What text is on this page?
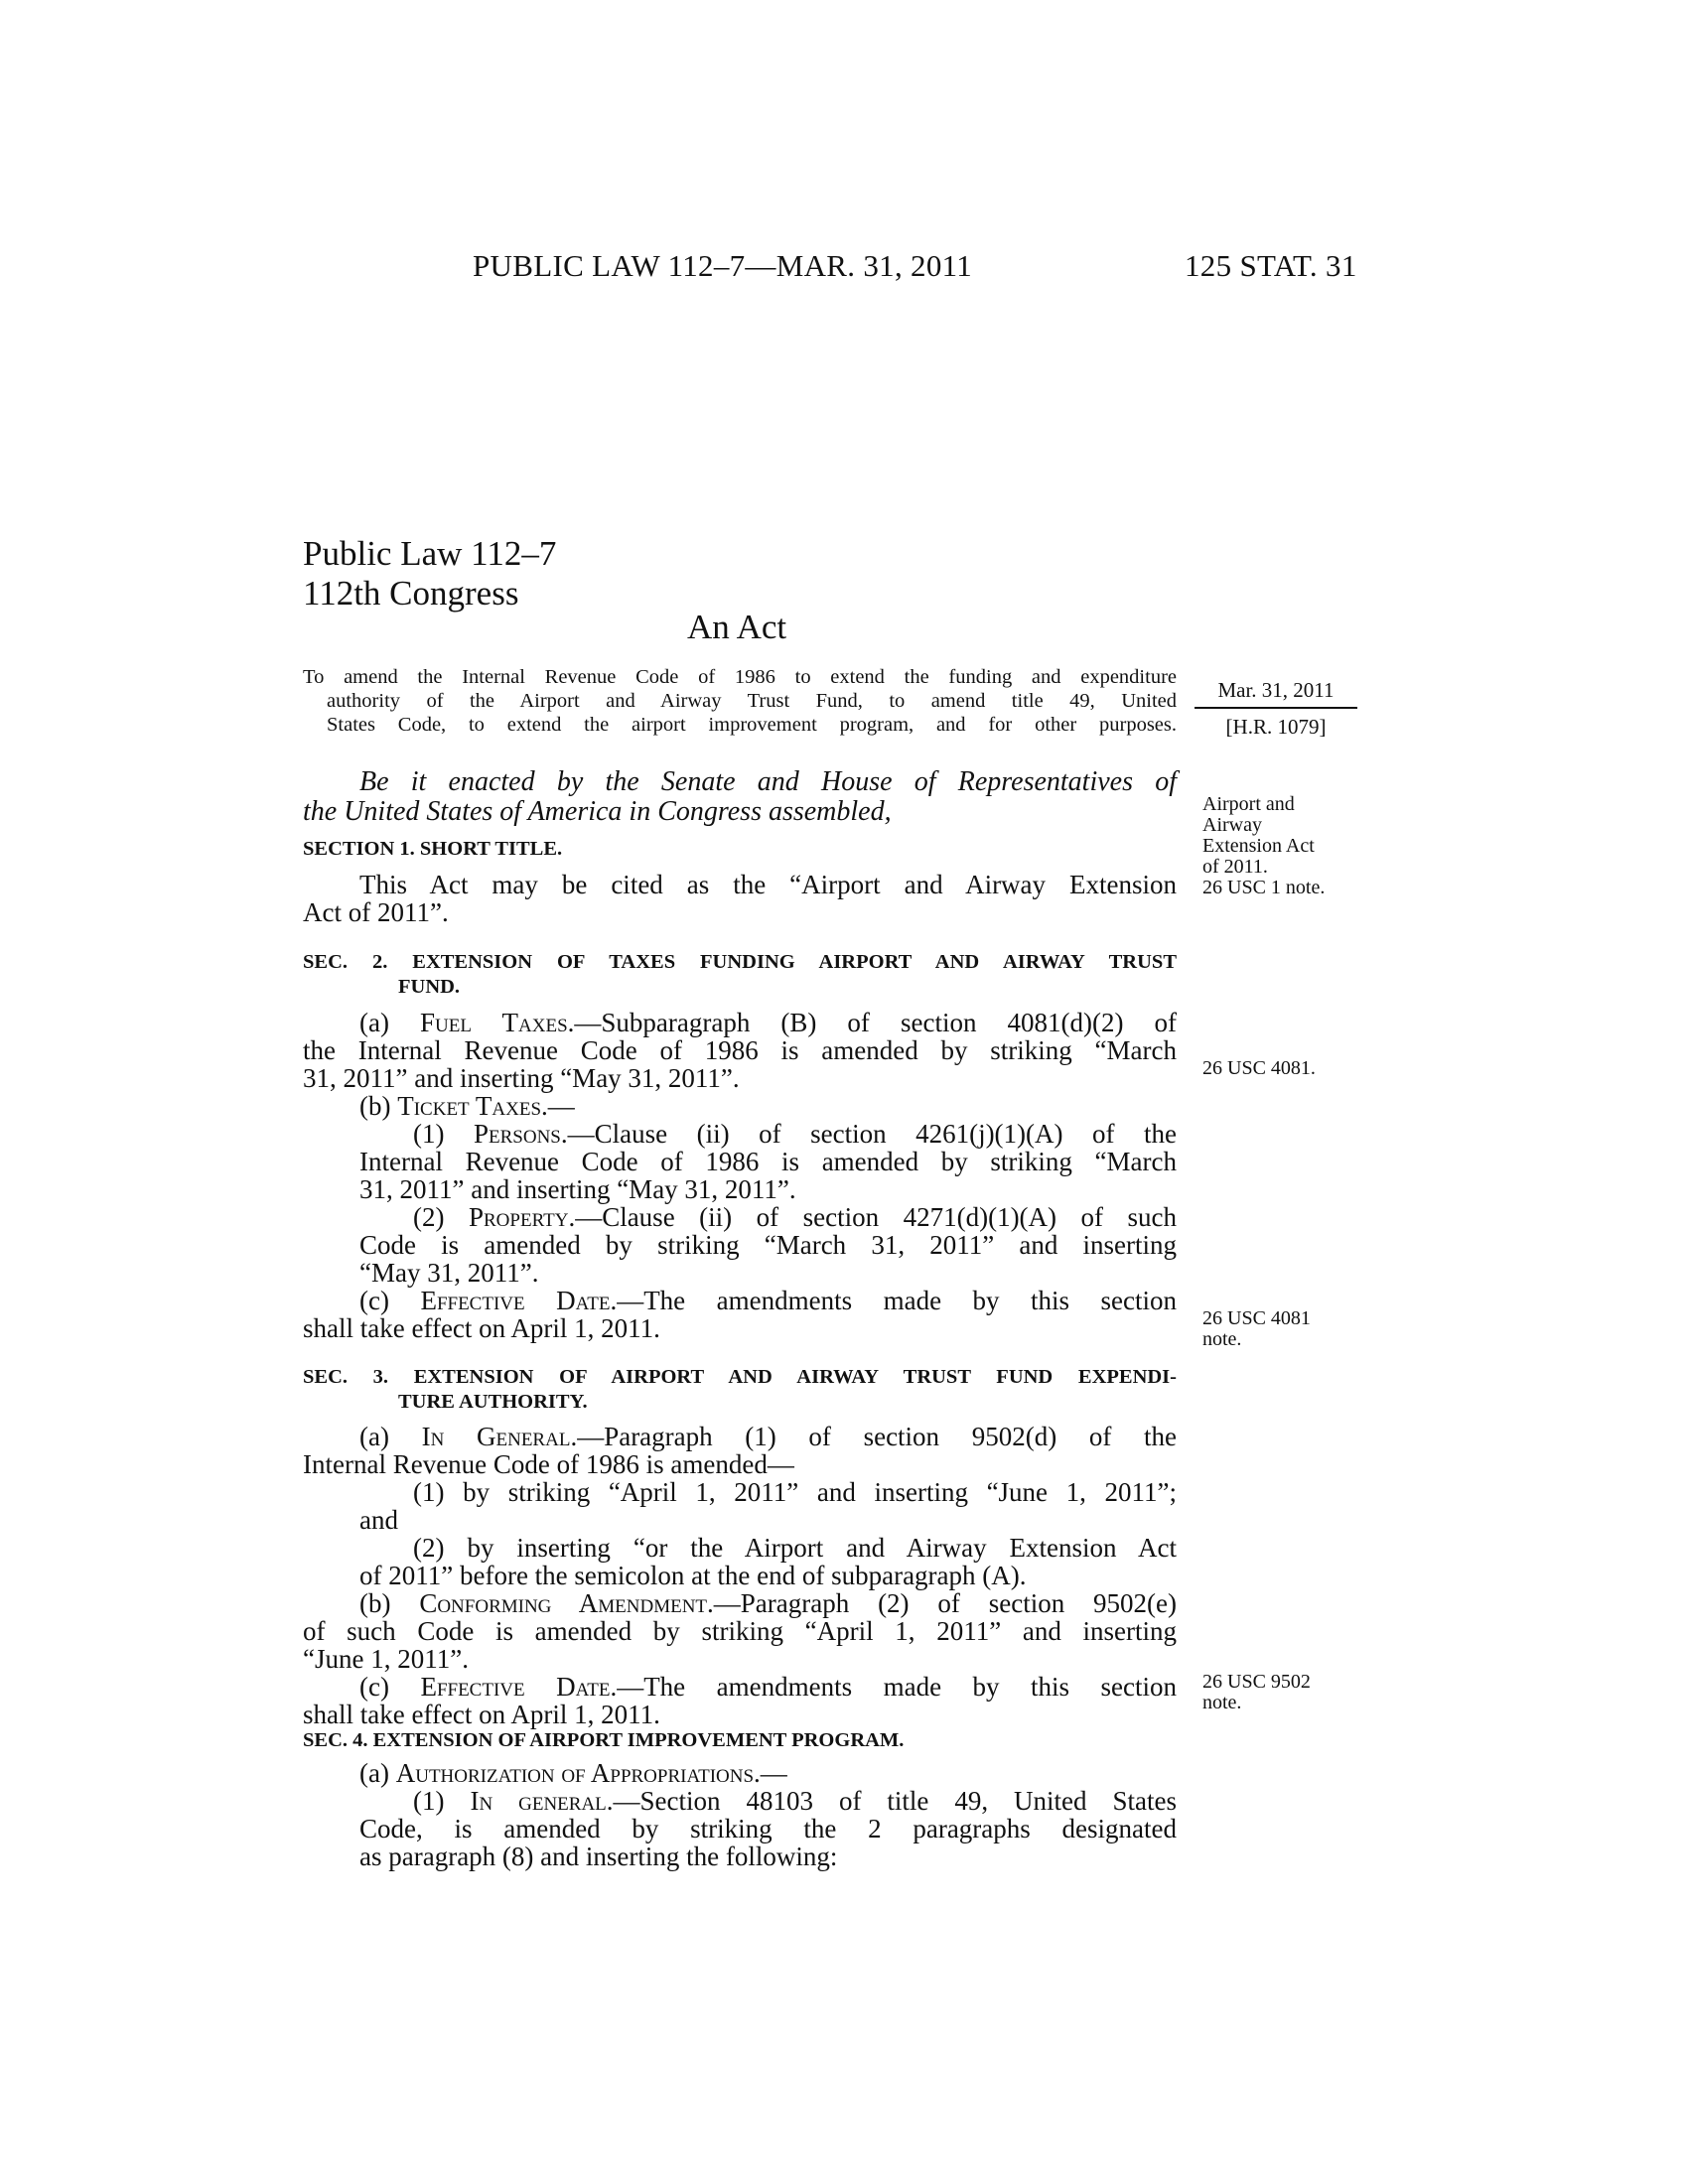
PUBLIC LAW 112–7—MAR. 31, 2011	125 STAT. 31
Public Law 112–7
112th Congress
An Act
To amend the Internal Revenue Code of 1986 to extend the funding and expenditure
authority of the Airport and Airway Trust Fund, to amend title 49, United
States Code, to extend the airport improvement program, and for other purposes.
Mar. 31, 2011
[H.R. 1079]
Be it enacted by the Senate and House of Representatives of
the United States of America in Congress assembled,	Airport and
Airway
Extension Act
of 2011.
26 USC 1 note.
SECTION 1. SHORT TITLE.
This Act may be cited as the “Airport and Airway Extension
Act of 2011”.
SEC. 2. EXTENSION OF TAXES FUNDING AIRPORT AND AIRWAY TRUST
FUND.
(a) Fuel Taxes.—Subparagraph (B) of section 4081(d)(2) of
the Internal Revenue Code of 1986 is amended by striking “March
31, 2011” and inserting “May 31, 2011”.
(b) Ticket Taxes.—
(1) Persons.—Clause (ii) of section 4261(j)(1)(A) of the
Internal Revenue Code of 1986 is amended by striking “March
31, 2011” and inserting “May 31, 2011”.
(2) Property.—Clause (ii) of section 4271(d)(1)(A) of such
Code is amended by striking “March 31, 2011” and inserting
“May 31, 2011”.
(c) Effective Date.—The amendments made by this section
shall take effect on April 1, 2011.
26 USC 4081.
26 USC 4081
note.
SEC. 3. EXTENSION OF AIRPORT AND AIRWAY TRUST FUND EXPENDI-
TURE AUTHORITY.
(a) In General.—Paragraph (1) of section 9502(d) of the
Internal Revenue Code of 1986 is amended—
(1) by striking “April 1, 2011” and inserting “June 1, 2011”;
and
(2) by inserting “or the Airport and Airway Extension Act
of 2011” before the semicolon at the end of subparagraph (A).
(b) Conforming Amendment.—Paragraph (2) of section 9502(e)
of such Code is amended by striking “April 1, 2011” and inserting
“June 1, 2011”.
(c) Effective Date.—The amendments made by this section
shall take effect on April 1, 2011.
26 USC 9502
note.
SEC. 4. EXTENSION OF AIRPORT IMPROVEMENT PROGRAM.
(a) Authorization of Appropriations.—
(1) In general.—Section 48103 of title 49, United States
Code, is amended by striking the 2 paragraphs designated
as paragraph (8) and inserting the following:
